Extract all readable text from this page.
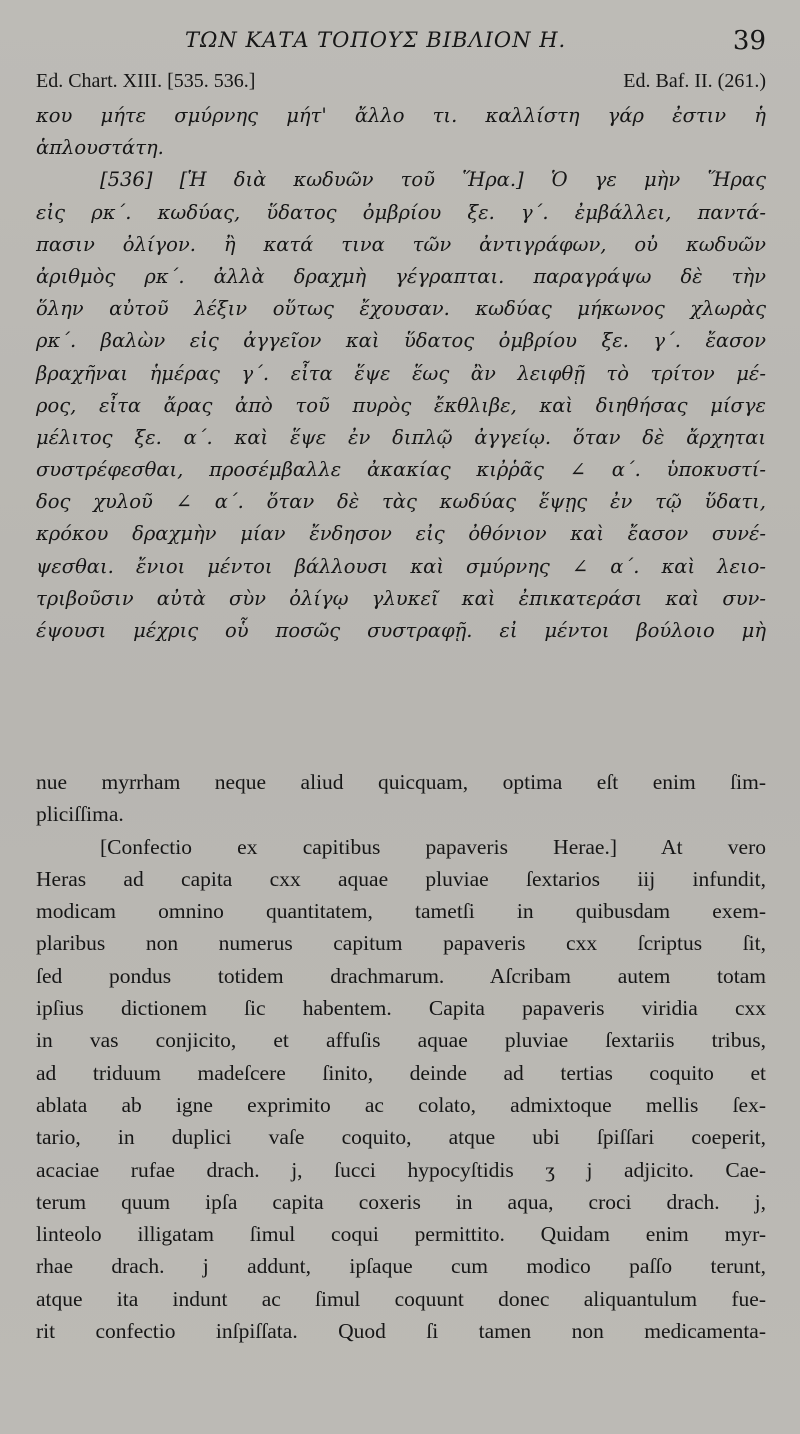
ΤΩΝ ΚΑΤΑ ΤΟΠΟΥΣ ΒΙΒΛΙΟΝ Η.	39
Ed. Chart. XIII. [535. 536.]	Ed. Baf. II. (261.)
κου μήτε σμύρνης μήτ' ἄλλο τι. καλλίστη γάρ ἐστιν ἡ
ἁπλουστάτη.
[536] [Ἡ διὰ κωδυῶν τοῦ Ἥρα.] Ὁ γε μὴν Ἥρας
εἰς ρκ΄. κωδύας, ὕδατος ὀμβρίου ξε. γ΄. ἐμβάλλει, παντά-
πασιν ὀλίγον. ἢ κατά τινα τῶν ἀντιγράφων, οὐ κωδυῶν
ἀριθμὸς ρκ΄. ἀλλὰ δραχμὴ γέγραπται. παραγράψω δὲ τὴν
ὅλην αὐτοῦ λέξιν οὕτως ἔχουσαν. κωδύας μήκωνος χλωρὰς
ρκ΄. βαλὼν εἰς ἀγγεῖον καὶ ὕδατος ὀμβρίου ξε. γ΄. ἔασον
βραχῆναι ἡμέρας γ΄. εἶτα ἕψε ἕως ἂν λειφθῇ τὸ τρίτον μέ-
ρος, εἶτα ἄρας ἀπὸ τοῦ πυρὸς ἔκθλιβε, καὶ διηθήσας μίσγε
μέλιτος ξε. α΄. καὶ ἕψε ἐν διπλῷ ἀγγείῳ. ὅταν δὲ ἄρχηται
συστρέφεσθαι, προσέμβαλλε ἀκακίας κιῤῥᾶς ∠ α΄. ὑποκυστί-
δος χυλοῦ ∠ α΄. ὅταν δὲ τὰς κωδύας ἕψῃς ἐν τῷ ὕδατι,
κρόκου δραχμὴν μίαν ἔνδησον εἰς ὀθόνιον καὶ ἔασον συνέ-
ψεσθαι. ἔνιοι μέντοι βάλλουσι καὶ σμύρνης ∠ α΄. καὶ λειο-
τριβοῦσιν αὐτὰ σὺν ὀλίγῳ γλυκεῖ καὶ ἐπικατεράσι καὶ συν-
έψουσι μέχρις οὗ ποσῶς συστραφῇ. εἰ μέντοι βούλοιο μὴ
nue myrrham neque aliud quicquam, optima eſt enim ſim-
pliciſſima.
[Confectio ex capitibus papaveris Herae.] At vero
Heras ad capita cxx aquae pluviae ſextarios iij infundit,
modicam omnino quantitatem, tametſi in quibusdam exem-
plaribus non numerus capitum papaveris cxx ſcriptus ſit,
ſed pondus totidem drachmarum. Aſcribam autem totam
ipſius dictionem ſic habentem. Capita papaveris viridia cxx
in vas conjicito, et affuſis aquae pluviae ſextariis tribus,
ad triduum madeſcere ſinito, deinde ad tertias coquito et
ablata ab igne exprimito ac colato, admixtoque mellis ſex-
tario, in duplici vaſe coquito, atque ubi ſpiſſari coeperit,
acaciae rufae drach. j, ſucci hypocyſtidis ʒ j adjicito. Cae-
terum quum ipſa capita coxeris in aqua, croci drach. j,
linteolo illigatam ſimul coqui permittito. Quidam enim myr-
rhae drach. j addunt, ipſaque cum modico paſſo terunt,
atque ita indunt ac ſimul coquunt donec aliquantulum fue-
rit confectio inſpiſſata. Quod ſi tamen non medicamenta-
